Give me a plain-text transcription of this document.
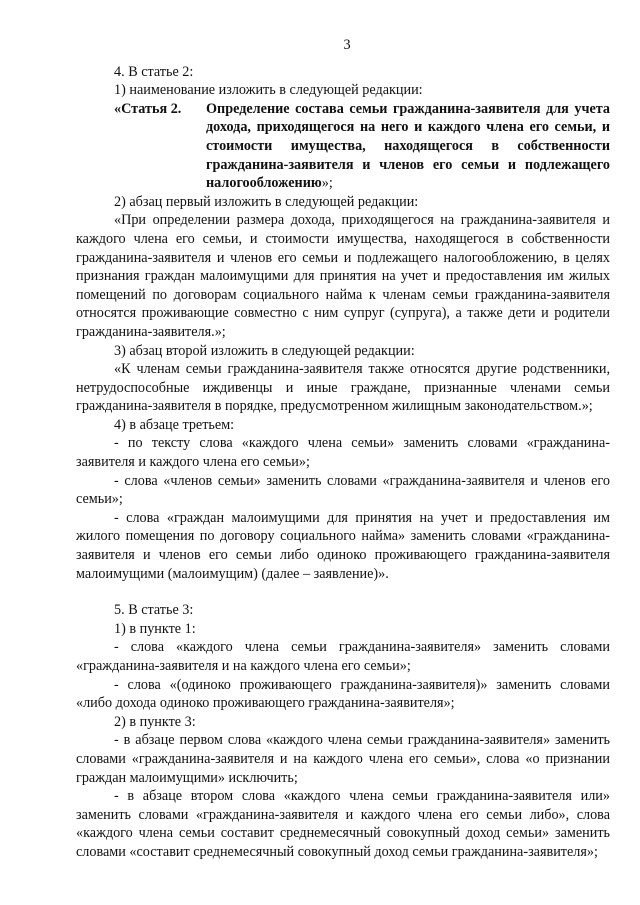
3

4. В статье 2:

1) наименование изложить в следующей редакции:

«Статья 2.	Определение состава семьи гражданина-заявителя для учета дохода, приходящегося на него и каждого члена его семьи, и стоимости имущества, находящегося в собственности гражданина-заявителя и членов его семьи и подлежащего налогообложению»;

2) абзац первый изложить в следующей редакции:

«При определении размера дохода, приходящегося на гражданина-заявителя и каждого члена его семьи, и стоимости имущества, находящегося в собственности гражданина-заявителя и членов его семьи и подлежащего налогообложению, в целях признания граждан малоимущими для принятия на учет и предоставления им жилых помещений по договорам социального найма к членам семьи гражданина-заявителя относятся проживающие совместно с ним супруг (супруга), а также дети и родители гражданина-заявителя.»;

3) абзац второй изложить в следующей редакции:

«К членам семьи гражданина-заявителя также относятся другие родственники, нетрудоспособные иждивенцы и иные граждане, признанные членами семьи гражданина-заявителя в порядке, предусмотренном жилищным законодательством.»;

4) в абзаце третьем:

- по тексту слова «каждого члена семьи» заменить словами «гражданина-заявителя и каждого члена его семьи»;

- слова «членов семьи» заменить словами «гражданина-заявителя и членов его семьи»;

- слова «граждан малоимущими для принятия на учет и предоставления им жилого помещения по договору социального найма» заменить словами «гражданина-заявителя и членов его семьи либо одиноко проживающего гражданина-заявителя малоимущими (малоимущим) (далее – заявление)».

5. В статье 3:

1) в пункте 1:

- слова «каждого члена семьи гражданина-заявителя» заменить словами «гражданина-заявителя и на каждого члена его семьи»;

- слова «(одиноко проживающего гражданина-заявителя)» заменить словами «либо дохода одиноко проживающего гражданина-заявителя»;

2) в пункте 3:

- в абзаце первом слова «каждого члена семьи гражданина-заявителя» заменить словами «гражданина-заявителя и на каждого члена его семьи», слова «о признании граждан малоимущими» исключить;

- в абзаце втором слова «каждого члена семьи гражданина-заявителя или» заменить словами «гражданина-заявителя и каждого члена его семьи либо», слова «каждого члена семьи составит среднемесячный совокупный доход семьи» заменить словами «составит среднемесячный совокупный доход семьи гражданина-заявителя»;
